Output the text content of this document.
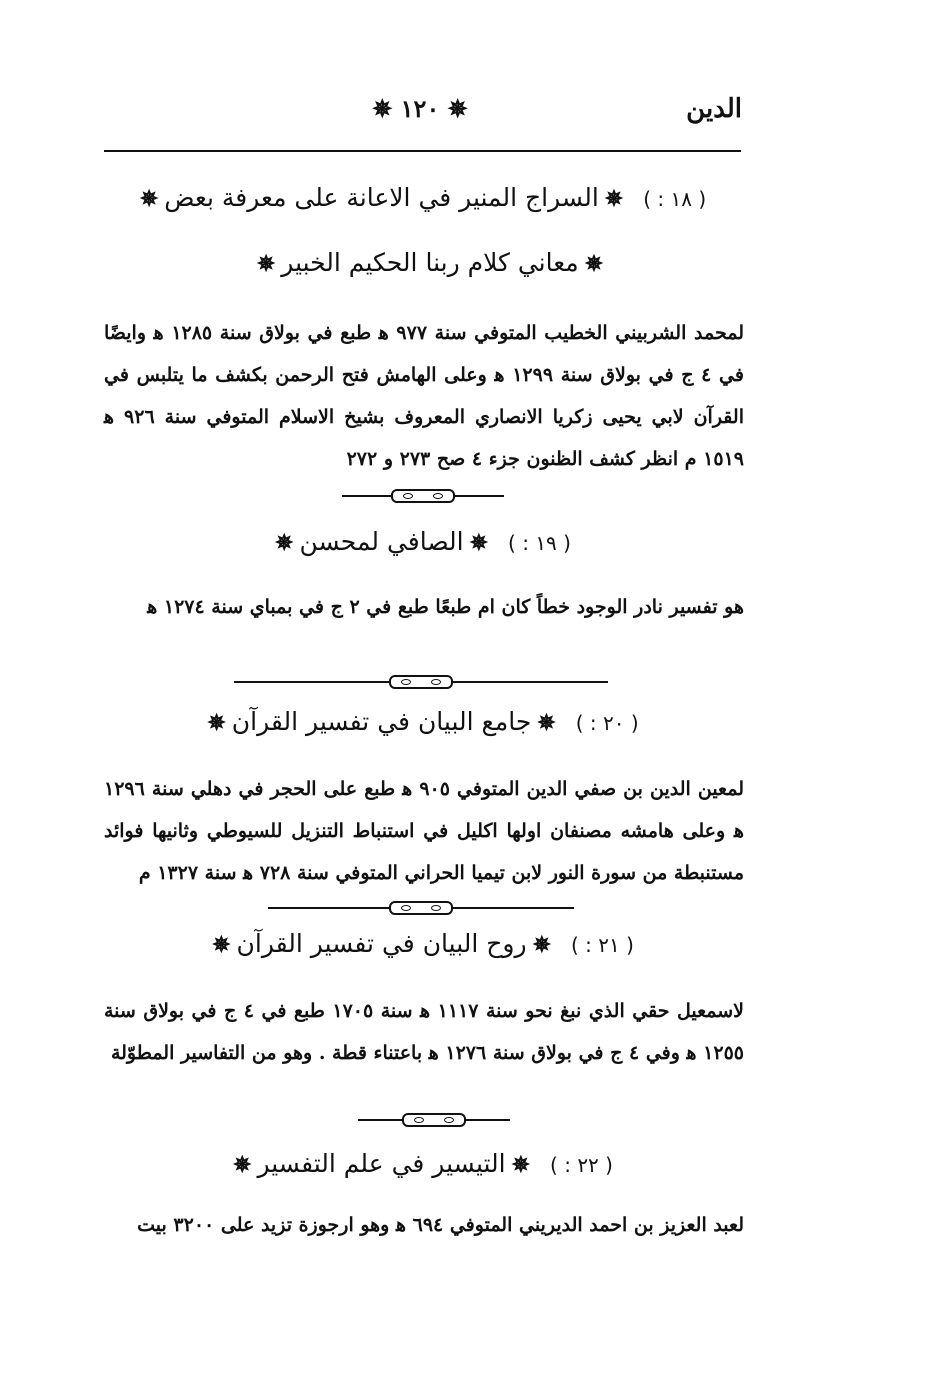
الدين
✵ ١٢٠ ✵
( ١٨ : )✵السراج المنير في الاعانة على معرفة بعض✵
✵معاني كلام ربنا الحكيم الخبير✵
لمحمد الشربيني الخطيب المتوفي سنة ٩٧٧ ﻫ طبع في بولاق سنة ١٢٨٥ ﻫ وايضًا في ٤ ج في بولاق سنة ١٢٩٩ ﻫ وعلى الهامش فتح الرحمن بكشف ما يتلبس في القرآن لابي يحيى زكريا الانصاري المعروف بشيخ الاسلام المتوفي سنة ٩٢٦ ﻫ ١٥١٩ م انظر كشف الظنون جزء ٤ صح ٢٧٣ و ٢٧٢
( ١٩ : )✵الصافي لمحسن✵
هو تفسير نادر الوجود خطاً كان ام طبعًا طبع في ٢ ج في بمباي سنة ١٢٧٤ ﻫ
( ٢٠ : )✵جامع البيان في تفسير القرآن✵
لمعين الدين بن صفي الدين المتوفي ٩٠٥ ﻫ طبع على الحجر في دهلي سنة ١٢٩٦ ﻫ وعلى هامشه مصنفان اولها اكليل في استنباط التنزيل للسيوطي وثانيها فوائد مستنبطة من سورة النور لابن تيميا الحراني المتوفي سنة ٧٢٨ ﻫ سنة ١٣٢٧ م
( ٢١ : )✵روح البيان في تفسير القرآن✵
لاسمعيل حقي الذي نبغ نحو سنة ١١١٧ ﻫ سنة ١٧٠٥ طبع في ٤ ج في بولاق سنة ١٢٥٥ ﻫ وفي ٤ ج في بولاق سنة ١٢٧٦ ﻫ باعتناء قطة . وهو من التفاسير المطوّلة
( ٢٢ : )✵التيسير في علم التفسير✵
لعبد العزيز بن احمد الديريني المتوفي ٦٩٤ ﻫ وهو ارجوزة تزيد على ٣٢٠٠ بيت
